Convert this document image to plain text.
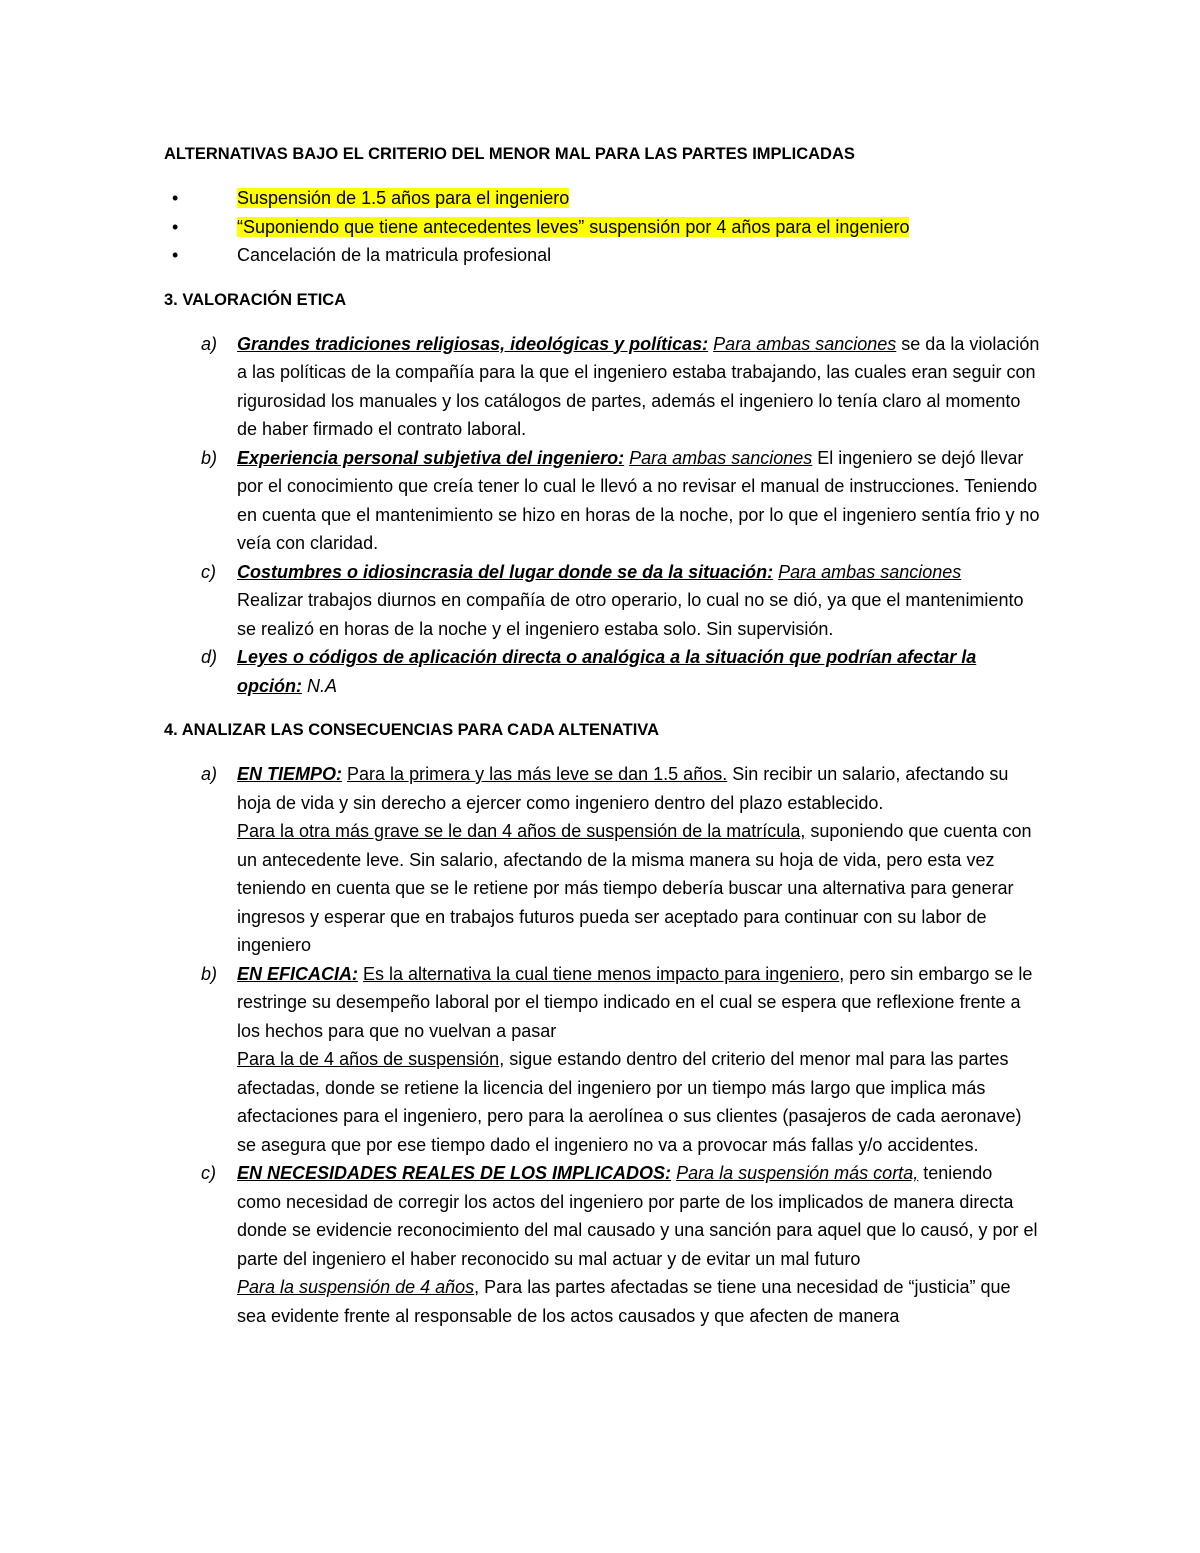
ALTERNATIVAS BAJO EL CRITERIO DEL MENOR MAL PARA LAS PARTES IMPLICADAS

• Suspensión de 1.5 años para el ingeniero
• “Suponiendo que tiene antecedentes leves” suspensión por 4 años para el ingeniero
• Cancelación de la matricula profesional

3. VALORACIÓN ETICA

a) Grandes tradiciones religiosas, ideológicas y políticas: Para ambas sanciones se da la violación a las políticas de la compañía para la que el ingeniero estaba trabajando, las cuales eran seguir con rigurosidad los manuales y los catálogos de partes, además el ingeniero lo tenía claro al momento de haber firmado el contrato laboral.
b) Experiencia personal subjetiva del ingeniero: Para ambas sanciones El ingeniero se dejó llevar por el conocimiento que creía tener lo cual le llevó a no revisar el manual de instrucciones. Teniendo en cuenta que el mantenimiento se hizo en horas de la noche, por lo que el ingeniero sentía frio y no veía con claridad.
c) Costumbres o idiosincrasia del lugar donde se da la situación: Para ambas sanciones
Realizar trabajos diurnos en compañía de otro operario, lo cual no se dió, ya que el mantenimiento se realizó en horas de la noche y el ingeniero estaba solo. Sin supervisión.
d) Leyes o códigos de aplicación directa o analógica a la situación que podrían afectar la opción: N.A

4. ANALIZAR LAS CONSECUENCIAS PARA CADA ALTENATIVA

a) EN TIEMPO: Para la primera y las más leve se dan 1.5 años. Sin recibir un salario, afectando su hoja de vida y sin derecho a ejercer como ingeniero dentro del plazo establecido.
Para la otra más grave se le dan 4 años de suspensión de la matrícula, suponiendo que cuenta con un antecedente leve. Sin salario, afectando de la misma manera su hoja de vida, pero esta vez teniendo en cuenta que se le retiene por más tiempo debería buscar una alternativa para generar ingresos y esperar que en trabajos futuros pueda ser aceptado para continuar con su labor de ingeniero
b) EN EFICACIA: Es la alternativa la cual tiene menos impacto para ingeniero, pero sin embargo se le restringe su desempeño laboral por el tiempo indicado en el cual se espera que reflexione frente a los hechos para que no vuelvan a pasar
Para la de 4 años de suspensión, sigue estando dentro del criterio del menor mal para las partes afectadas, donde se retiene la licencia del ingeniero por un tiempo más largo que implica más afectaciones para el ingeniero, pero para la aerolínea o sus clientes (pasajeros de cada aeronave) se asegura que por ese tiempo dado el ingeniero no va a provocar más fallas y/o accidentes.
c) EN NECESIDADES REALES DE LOS IMPLICADOS: Para la suspensión más corta, teniendo como necesidad de corregir los actos del ingeniero por parte de los implicados de manera directa donde se evidencie reconocimiento del mal causado y una sanción para aquel que lo causó, y por el parte del ingeniero el haber reconocido su mal actuar y de evitar un mal futuro
Para la suspensión de 4 años, Para las partes afectadas se tiene una necesidad de “justicia” que sea evidente frente al responsable de los actos causados y que afecten de manera
